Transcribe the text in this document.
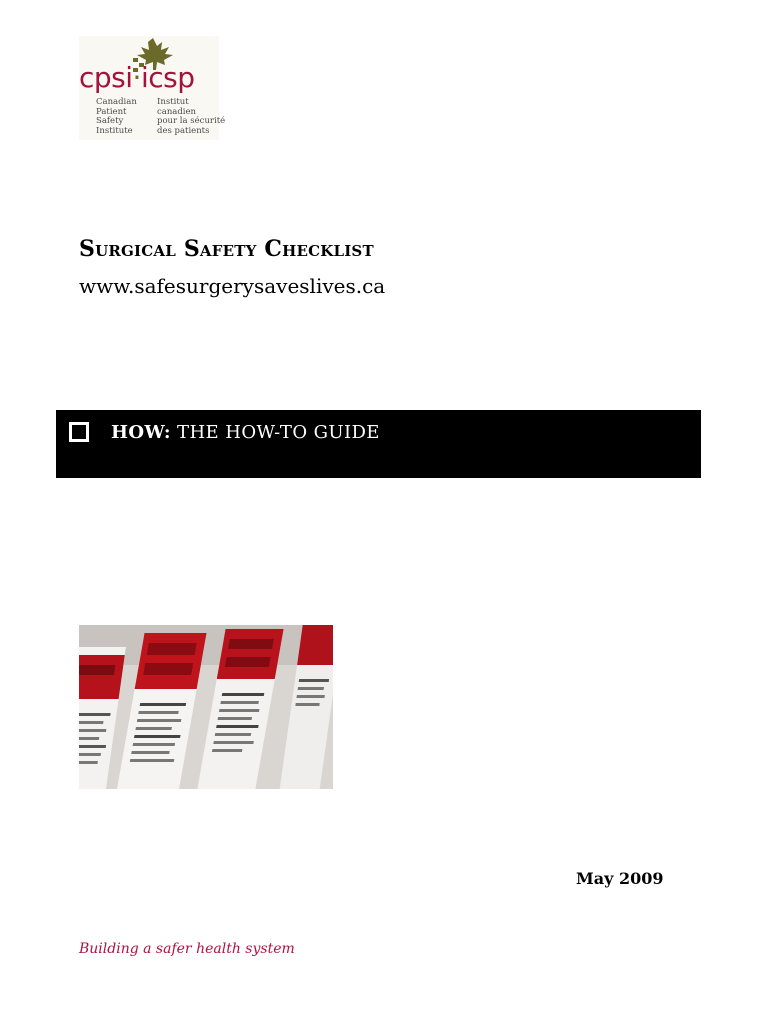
cpsi·icsp
Canadian
Patient
Safety
Institute
Institut
canadien
pour la sécurité
des patients
Surgical Safety Checklist
www.safesurgerysaveslives.ca
HOW: THE HOW-TO GUIDE
May 2009
Building a safer health system
